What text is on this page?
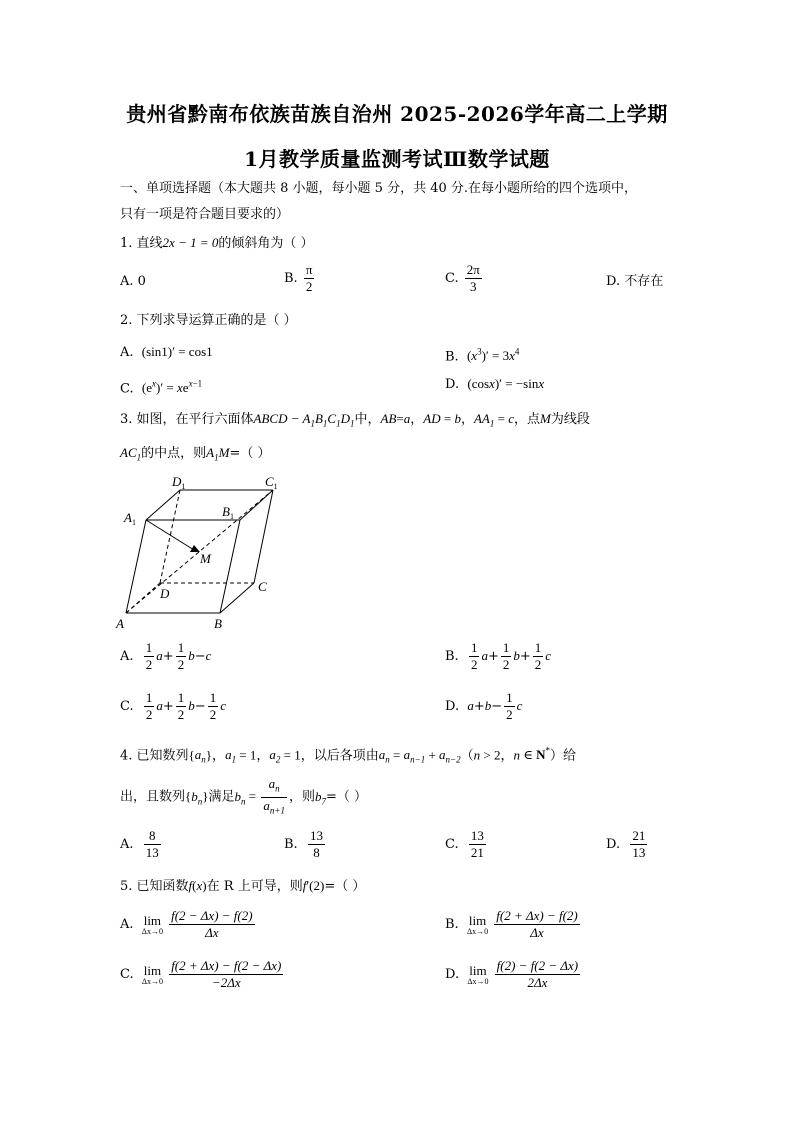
贵州省黔南布依族苗族自治州 2025-2026学年高二上学期
1月教学质量监测考试Ⅲ数学试题
一、单项选择题（本大题共 8 小题，每小题 5 分，共 40 分.在每小题所给的四个选项中，
只有一项是符合题目要求的）
1. 直线2x − 1 = 0的倾斜角为（ ）
A. 0	B. $\frac{\pi}{2}$	C. $\frac{2\pi}{3}$	D. 不存在
2. 下列求导运算正确的是（ ）
A. (sin1)′ = cos1	B. $(x^3)' = 3x^4$
C. $(e^x)' = xe^{x-1}$	D. (cosx)′ = −sinx
3. 如图，在平行六面体ABCD − $A_1B_1C_1D_1$中，AB=a，AD = b，$AA_1 = c$，点M为线段
$AC_1$的中点，则$A_1M=$（ ）
A	B
C
D
M
$A_1$
$B_1$
$C_1$
$D_1$
A. $\frac{1}{2} a+ \frac{1}{2} b-c$	B. $\frac{1}{2} a+ \frac{1}{2} b+ \frac{1}{2}$ c
C. $\frac{1}{2} a+ \frac{1}{2} b- \frac{1}{2}$ c	D. $a+b- \frac{1}{2}$ c
4. 已知数列$\{a_n\}$，$a_1 = 1$，$a_2 = 1$，以后各项由$a_n = a_{n-1} + a_{n-2}(n > 2$，n ∈ N*）给
出，且数列$\{b_n\}$满足$b_n = \frac{a_n}{a_{n+1}}$ ，则$b_7=$（ ）
A. $\frac{8}{13}$	B. $\frac{13}{8}$	C. $\frac{13}{21}$	D. $\frac{21}{13}$
5. 已知函数f(x)在 R 上可导，则f′(2)=（ ）
A. lim
Δx→0
$\frac{f(2 - \Delta x) - f(2)}{\Delta x}$	B. lim
Δx→0
$\frac{f(2 + \Delta x) - f(2)}{\Delta x}$
C. lim
Δx→0
$\frac{f(2 + \Delta x) - f(2 - \Delta x)}{-2\Delta x}$	D. lim
Δx→0
$\frac{f(2) - f(2 - \Delta x)}{2\Delta x}$
